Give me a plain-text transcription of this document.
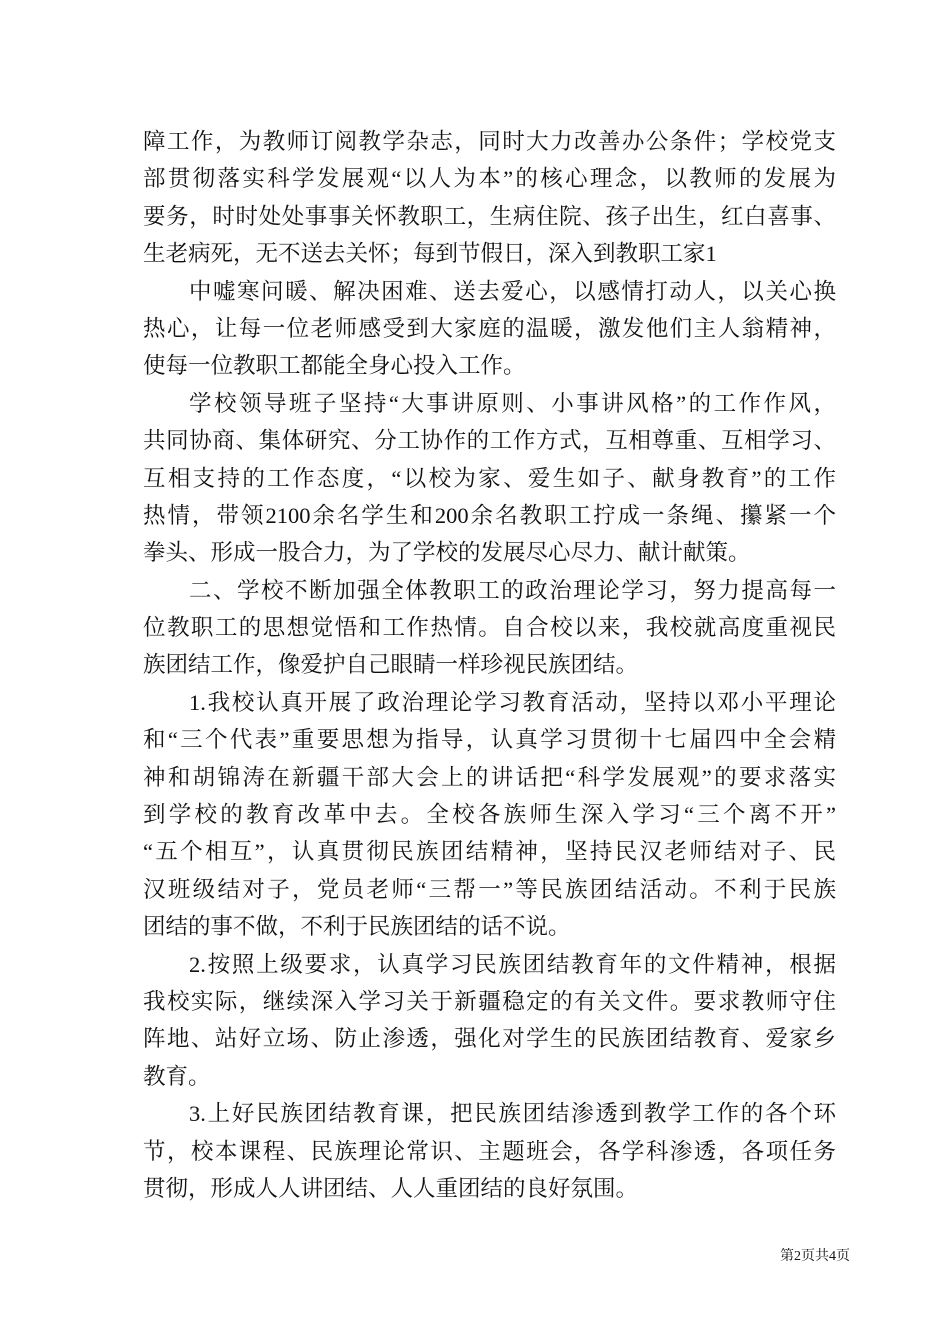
障工作，为教师订阅教学杂志，同时大力改善办公条件；学校党支
部贯彻落实科学发展观“以人为本”的核心理念，以教师的发展为
要务，时时处处事事关怀教职工，生病住院、孩子出生，红白喜事、
生老病死，无不送去关怀；每到节假日，深入到教职工家1
中嘘寒问暖、解决困难、送去爱心，以感情打动人，以关心换
热心，让每一位老师感受到大家庭的温暖，激发他们主人翁精神，
使每一位教职工都能全身心投入工作。
学校领导班子坚持“大事讲原则、小事讲风格”的工作作风，
共同协商、集体研究、分工协作的工作方式，互相尊重、互相学习、
互相支持的工作态度，“以校为家、爱生如子、献身教育”的工作
热情，带领2100余名学生和200余名教职工拧成一条绳、攥紧一个
拳头、形成一股合力，为了学校的发展尽心尽力、献计献策。
二、学校不断加强全体教职工的政治理论学习，努力提高每一
位教职工的思想觉悟和工作热情。自合校以来，我校就高度重视民
族团结工作，像爱护自己眼睛一样珍视民族团结。
1.我校认真开展了政治理论学习教育活动，坚持以邓小平理论
和“三个代表”重要思想为指导，认真学习贯彻十七届四中全会精
神和胡锦涛在新疆干部大会上的讲话把“科学发展观”的要求落实
到学校的教育改革中去。全校各族师生深入学习“三个离不开”
“五个相互”，认真贯彻民族团结精神，坚持民汉老师结对子、民
汉班级结对子，党员老师“三帮一”等民族团结活动。不利于民族
团结的事不做，不利于民族团结的话不说。
2.按照上级要求，认真学习民族团结教育年的文件精神，根据
我校实际，继续深入学习关于新疆稳定的有关文件。要求教师守住
阵地、站好立场、防止渗透，强化对学生的民族团结教育、爱家乡
教育。
3.上好民族团结教育课，把民族团结渗透到教学工作的各个环
节，校本课程、民族理论常识、主题班会，各学科渗透，各项任务
贯彻，形成人人讲团结、人人重团结的良好氛围。
第2页共4页
